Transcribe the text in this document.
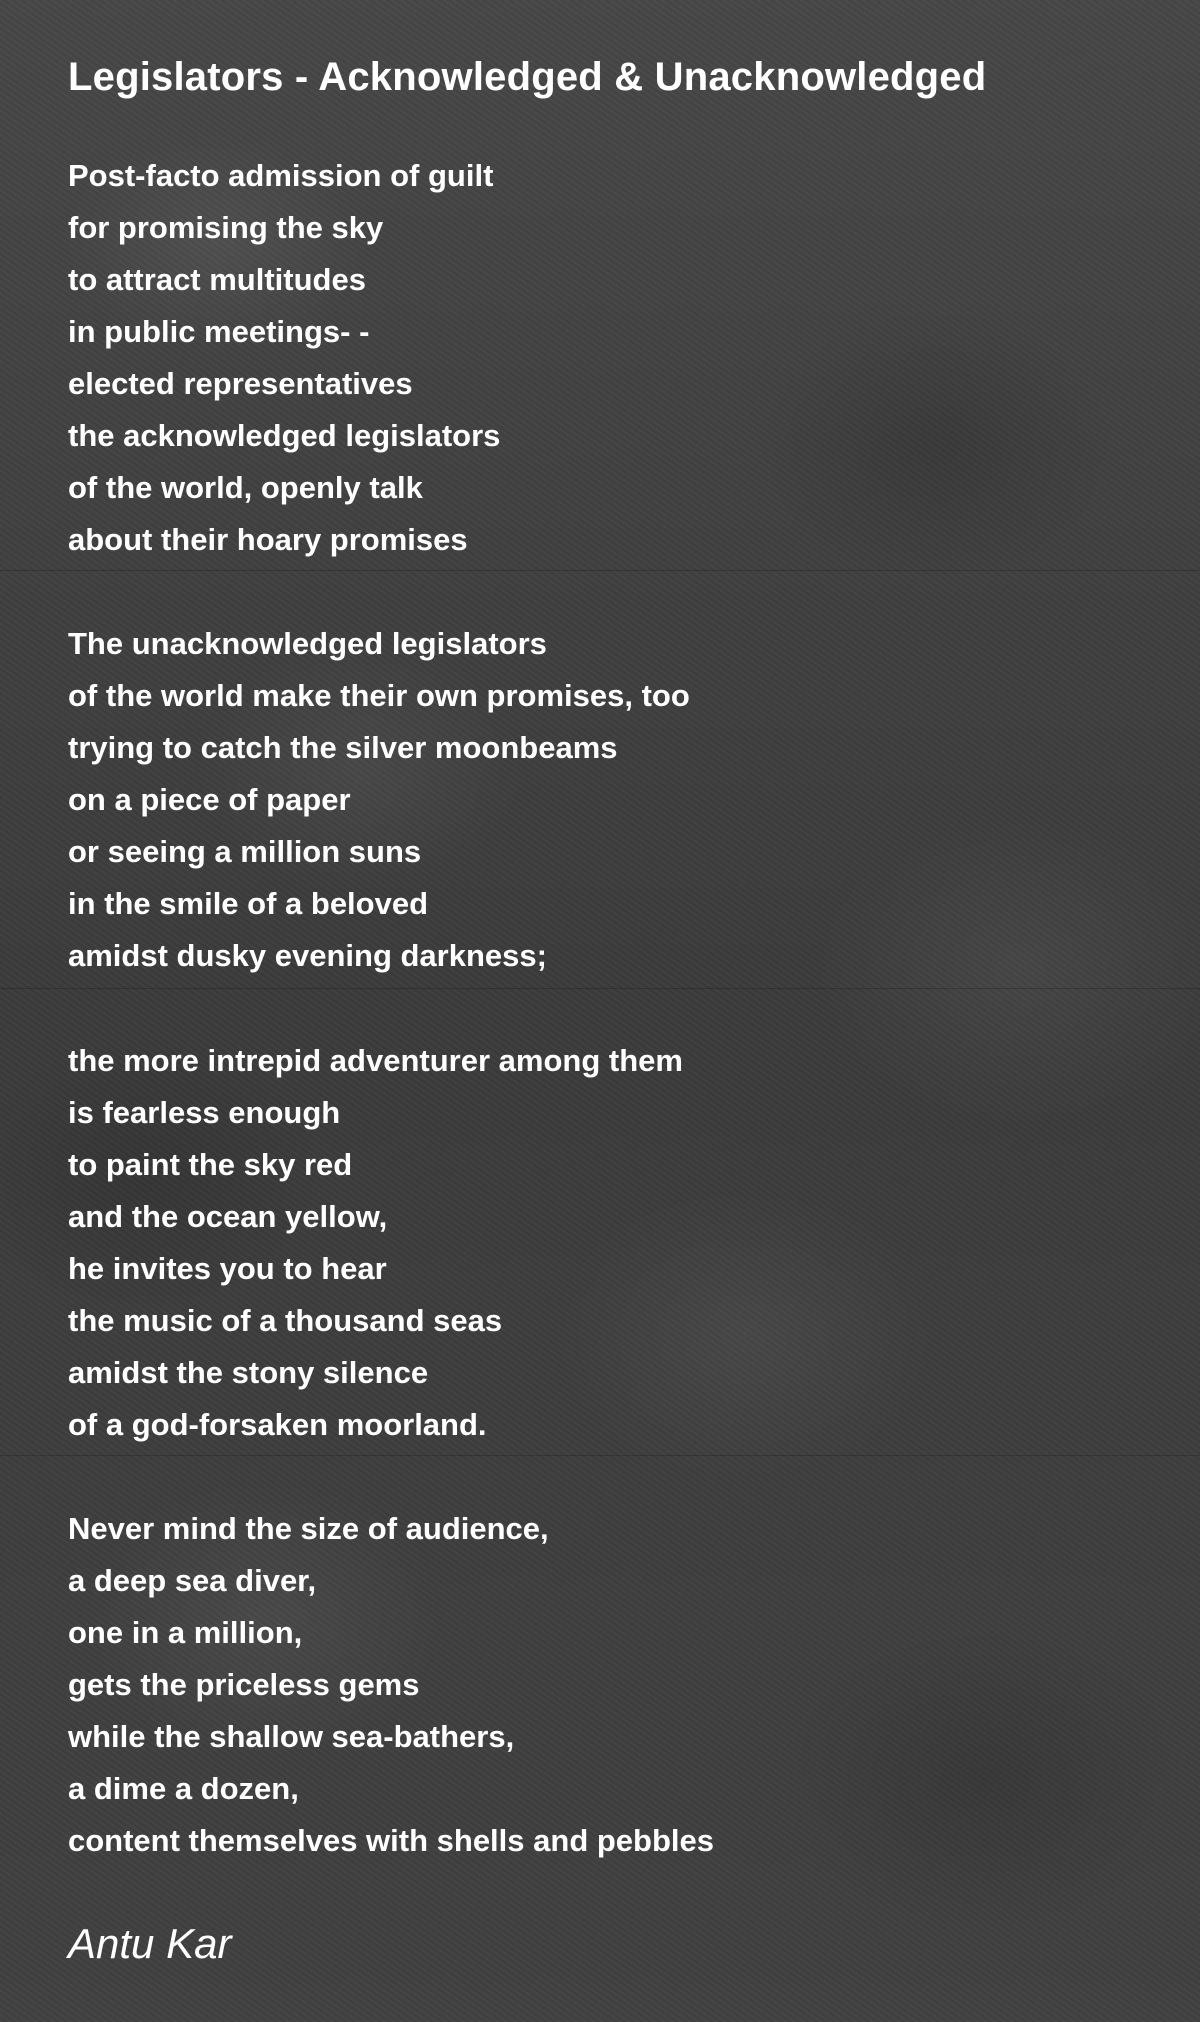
Legislators - Acknowledged & Unacknowledged

Post-facto admission of guilt
for promising the sky
to attract multitudes
in public meetings- -
elected representatives
the acknowledged legislators
of the world, openly talk
about their hoary promises

The unacknowledged legislators
of the world make their own promises, too
trying to catch the silver moonbeams
on a piece of paper
or seeing a million suns
in the smile of a beloved
amidst dusky evening darkness;

the more intrepid adventurer among them
is fearless enough
to paint the sky red
and the ocean yellow,
he invites you to hear
the music of a thousand seas
amidst the stony silence
of a god-forsaken moorland.

Never mind the size of audience,
a deep sea diver,
one in a million,
gets the priceless gems
while the shallow sea-bathers,
a dime a dozen,
content themselves with shells and pebbles

Antu Kar
